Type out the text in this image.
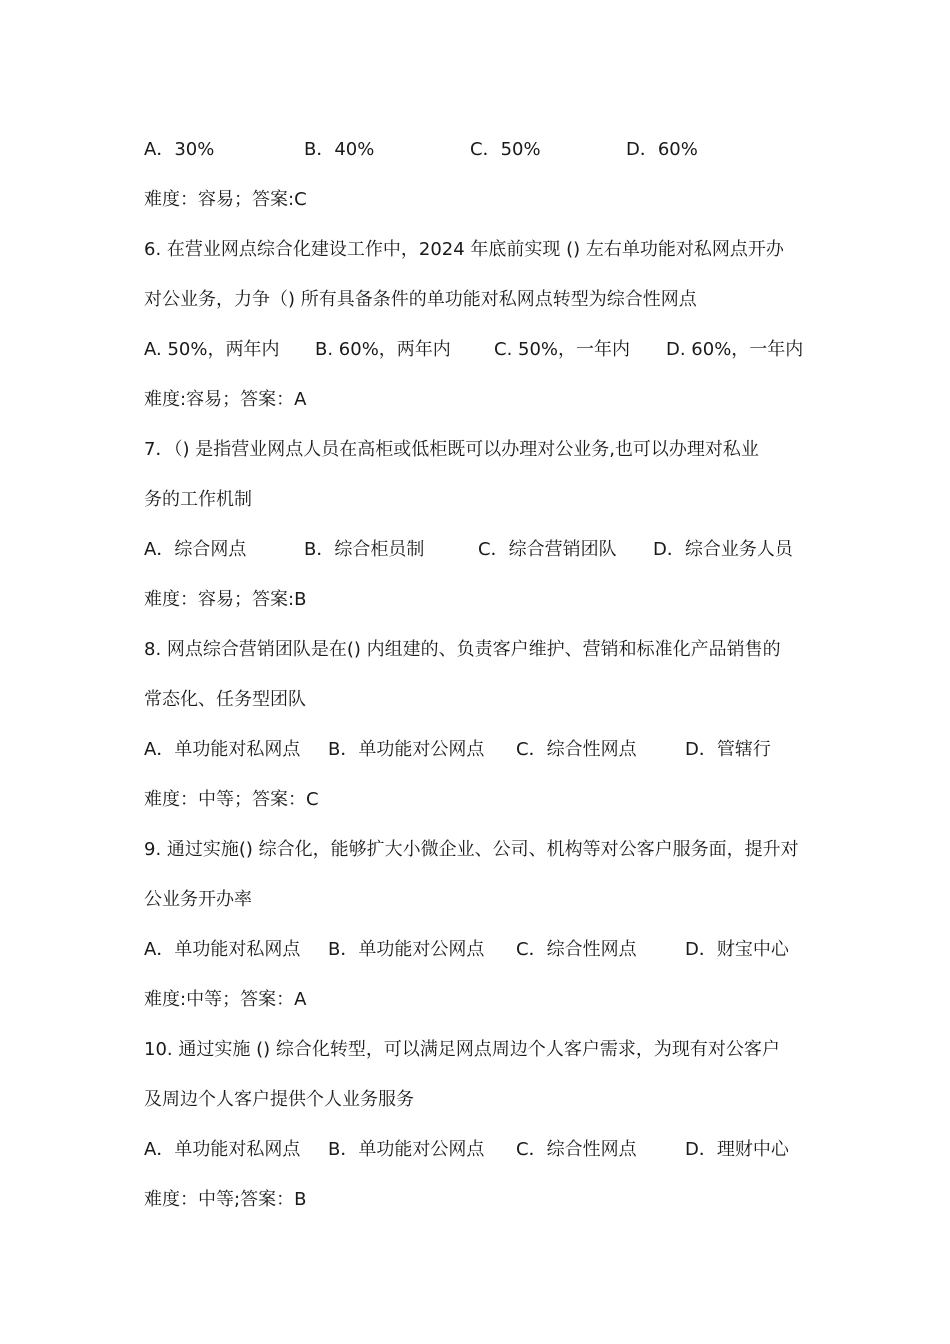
A．30%	B．40%	C．50%	D．60%
难度：容易；答案:C
6. 在营业网点综合化建设工作中，2024 年底前实现 () 左右单功能对私网点开办
对公业务，力争（) 所有具备条件的单功能对私网点转型为综合性网点
A. 50%，两年内 B. 60%，两年内 C. 50%，一年内 D. 60%，一年内
难度:容易；答案：A
7．（) 是指营业网点人员在高柜或低柜既可以办理对公业务,也可以办理对私业
务的工作机制
A．综合网点	B．综合柜员制	C．综合营销团队 D．综合业务人员
难度：容易；答案:B
8. 网点综合营销团队是在() 内组建的、负责客户维护、营销和标准化产品销售的
常态化、任务型团队
A．单功能对私网点 B．单功能对公网点 C．综合性网点	D．管辖行
难度：中等；答案：C
9. 通过实施() 综合化，能够扩大小微企业、公司、机构等对公客户服务面，提升对
公业务开办率
A．单功能对私网点 B．单功能对公网点 C．综合性网点	D．财宝中心
难度:中等；答案：A
10. 通过实施 () 综合化转型，可以满足网点周边个人客户需求，为现有对公客户
及周边个人客户提供个人业务服务
A．单功能对私网点 B．单功能对公网点 C．综合性网点	D．理财中心
难度：中等;答案：B
